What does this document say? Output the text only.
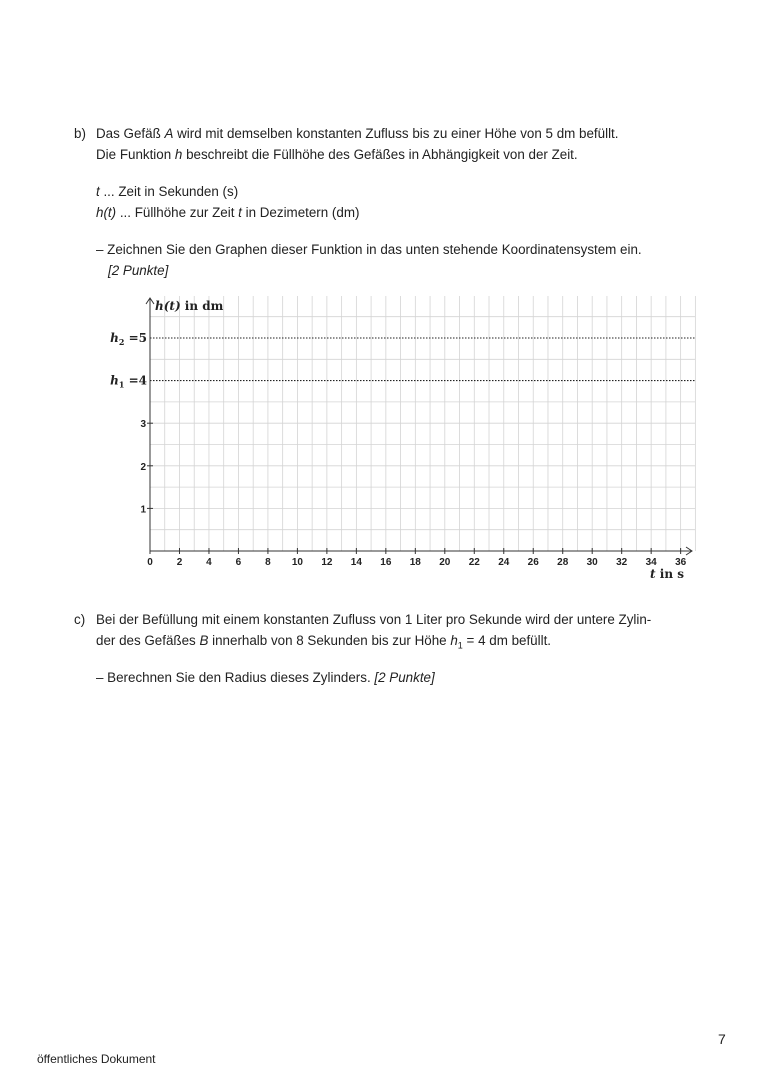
b) Das Gefäß A wird mit demselben konstanten Zufluss bis zu einer Höhe von 5 dm befüllt.
Die Funktion h beschreibt die Füllhöhe des Gefäßes in Abhängigkeit von der Zeit.
t ... Zeit in Sekunden (s)
h(t) ... Füllhöhe zur Zeit t in Dezimetern (dm)
– Zeichnen Sie den Graphen dieser Funktion in das unten stehende Koordinatensystem ein.
[2 Punkte]
$h_2 =5$
$h_1 =4$
0 2 4 6 8 10 12 14 16 18 20 22 24 26 28 30 32 34 36
1
2
3
h(t) in dm
t in s
c) Bei der Befüllung mit einem konstanten Zufluss von 1 Liter pro Sekunde wird der untere Zylin-
der des Gefäßes B innerhalb von 8 Sekunden bis zur Höhe $h_1 = 4$ dm befüllt.
– Berechnen Sie den Radius dieses Zylinders. [2 Punkte]
7
öffentliches Dokument
